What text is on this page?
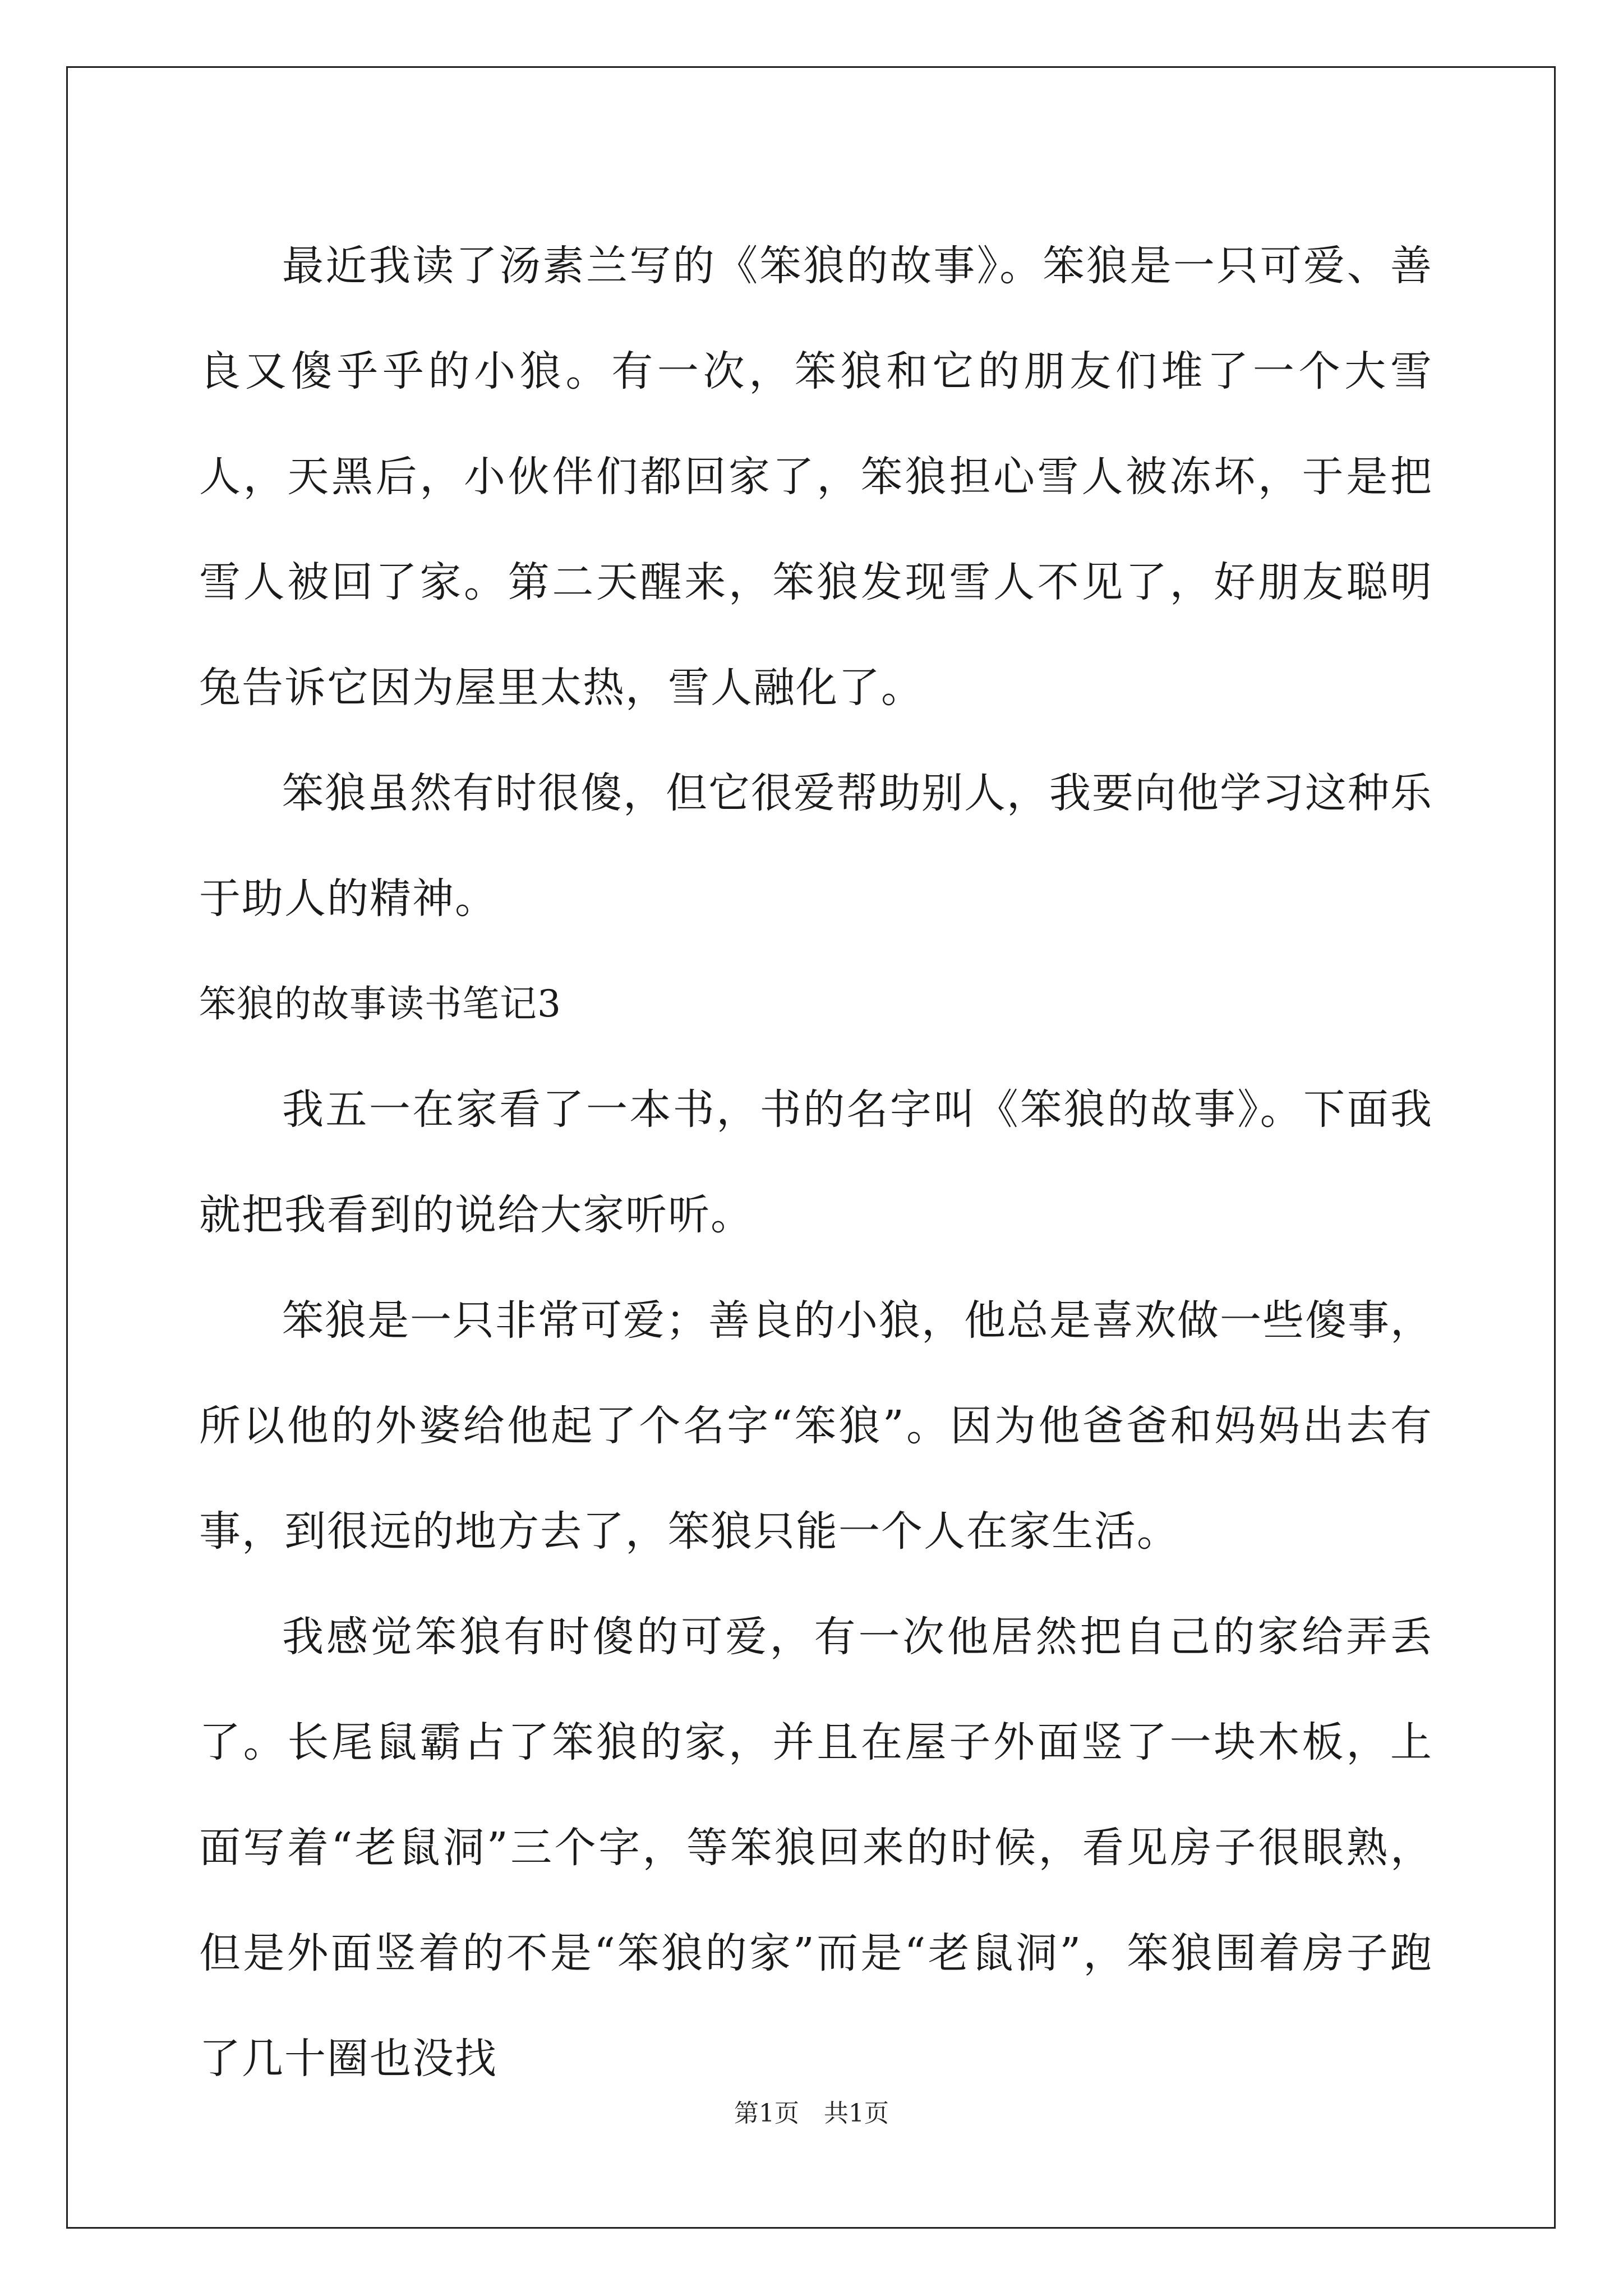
最近我读了汤素兰写的《笨狼的故事》。笨狼是一只可爱、善良又傻乎乎的小狼。有一次，笨狼和它的朋友们堆了一个大雪人，天黑后，小伙伴们都回家了，笨狼担心雪人被冻坏，于是把雪人被回了家。第二天醒来，笨狼发现雪人不见了，好朋友聪明兔告诉它因为屋里太热，雪人融化了。

笨狼虽然有时很傻，但它很爱帮助别人，我要向他学习这种乐于助人的精神。

笨狼的故事读书笔记3

我五一在家看了一本书，书的名字叫《笨狼的故事》。下面我就把我看到的说给大家听听。

笨狼是一只非常可爱；善良的小狼，他总是喜欢做一些傻事，所以他的外婆给他起了个名字“笨狼”。因为他爸爸和妈妈出去有事，到很远的地方去了，笨狼只能一个人在家生活。

我感觉笨狼有时傻的可爱，有一次他居然把自己的家给弄丢了。长尾鼠霸占了笨狼的家，并且在屋子外面竖了一块木板，上面写着“老鼠洞”三个字，等笨狼回来的时候，看见房子很眼熟，但是外面竖着的不是“笨狼的家”而是“老鼠洞”，笨狼围着房子跑了几十圈也没找

第1页 共1页
